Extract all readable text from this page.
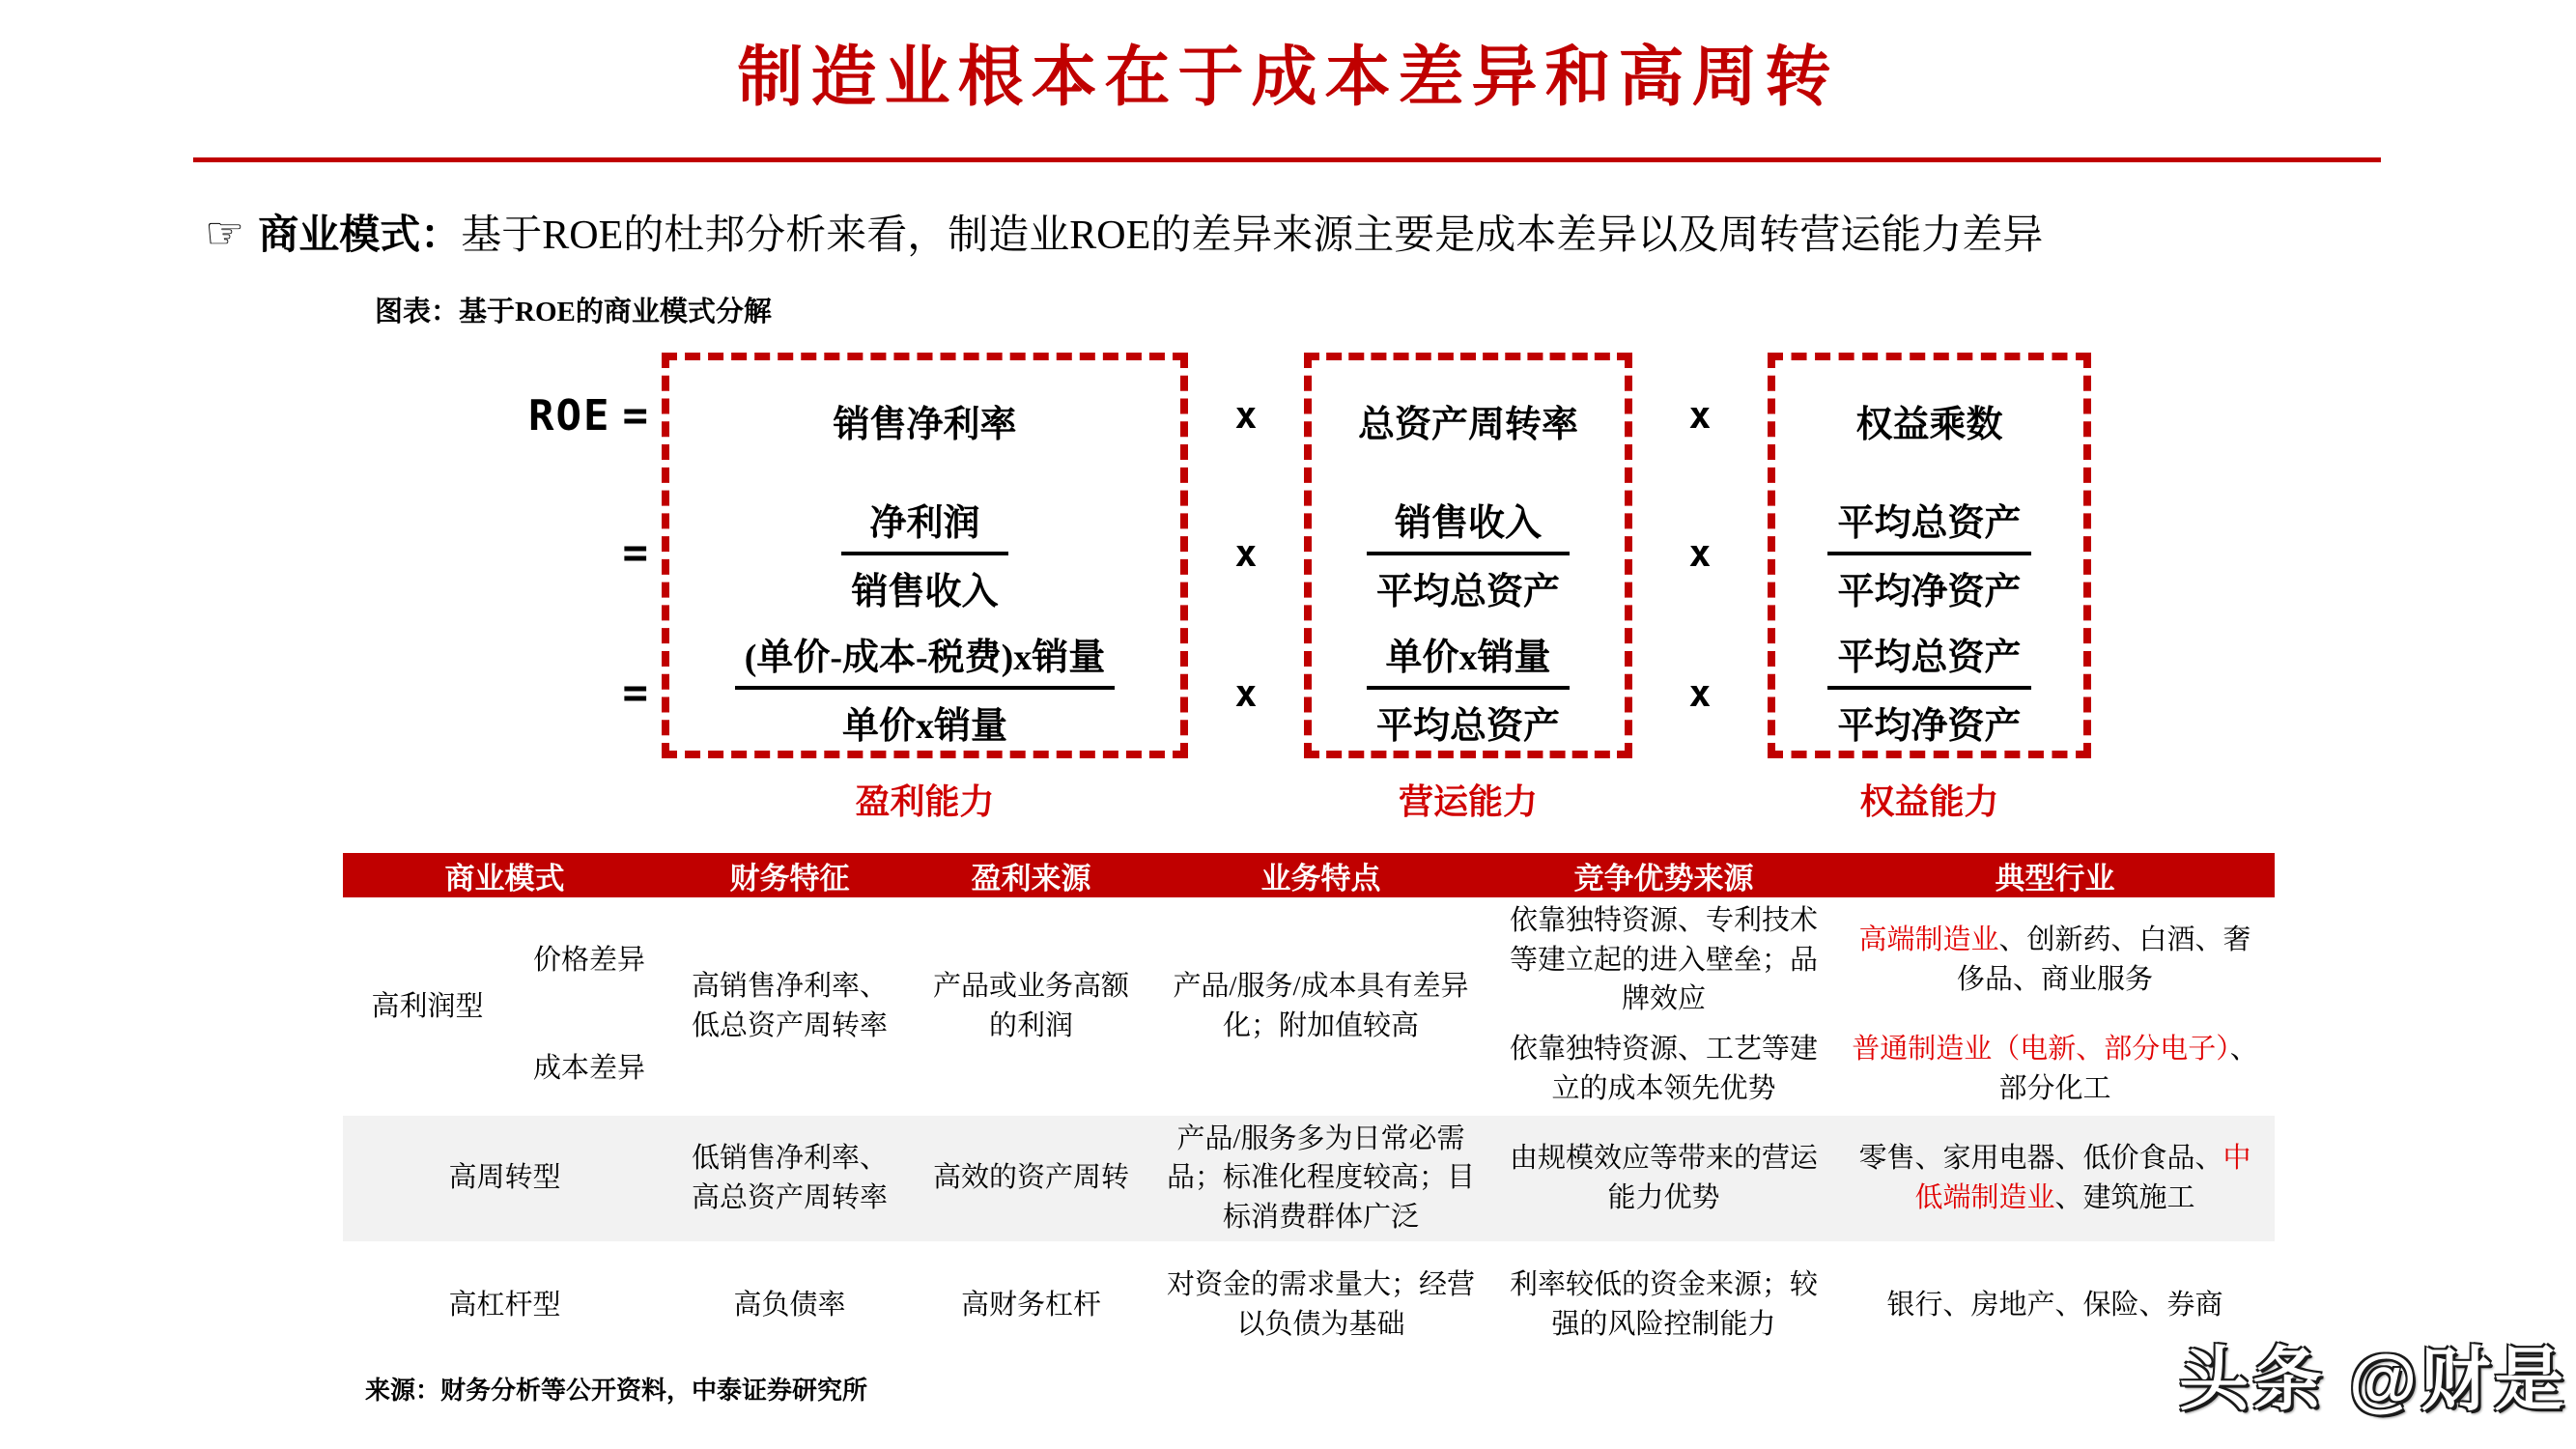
制造业根本在于成本差异和高周转
☞ 商业模式：基于ROE的杜邦分析来看，制造业ROE的差异来源主要是成本差异以及周转营运能力差异
图表：基于ROE的商业模式分解
ROE =
=
=
销售净利率
$\frac{\text{净利润}}{\text{销售收入}}$
$\frac{\text{(单价-成本-税费)x销量}}{\text{单价x销量}}$
x
x
x
总资产周转率
$\frac{\text{销售收入}}{\text{平均总资产}}$
$\frac{\text{单价x销量}}{\text{平均总资产}}$
x
x
x
权益乘数
$\frac{\text{平均总资产}}{\text{平均净资产}}$
$\frac{\text{平均总资产}}{\text{平均净资产}}$
盈利能力	营运能力	权益能力
商业模式		财务特征	盈利来源	业务特点	竞争优势来源	典型行业
高利润型	价格差异	高销售净利率、低总资产周转率	产品或业务高额的利润	产品/服务/成本具有差异化；附加值较高	依靠独特资源、专利技术等建立起的进入壁垒；品牌效应	高端制造业、创新药、白酒、奢侈品、商业服务
	成本差异				依靠独特资源、工艺等建立的成本领先优势	普通制造业（电新、部分电子）、部分化工
高周转型		低销售净利率、高总资产周转率	高效的资产周转	产品/服务多为日常必需品；标准化程度较高；目标消费群体广泛	由规模效应等带来的营运能力优势	零售、家用电器、低价食品、中低端制造业、建筑施工
高杠杆型		高负债率	高财务杠杆	对资金的需求量大；经营以负债为基础	利率较低的资金来源；较强的风险控制能力	银行、房地产、保险、券商
来源：财务分析等公开资料，中泰证券研究所	头条 @财是
